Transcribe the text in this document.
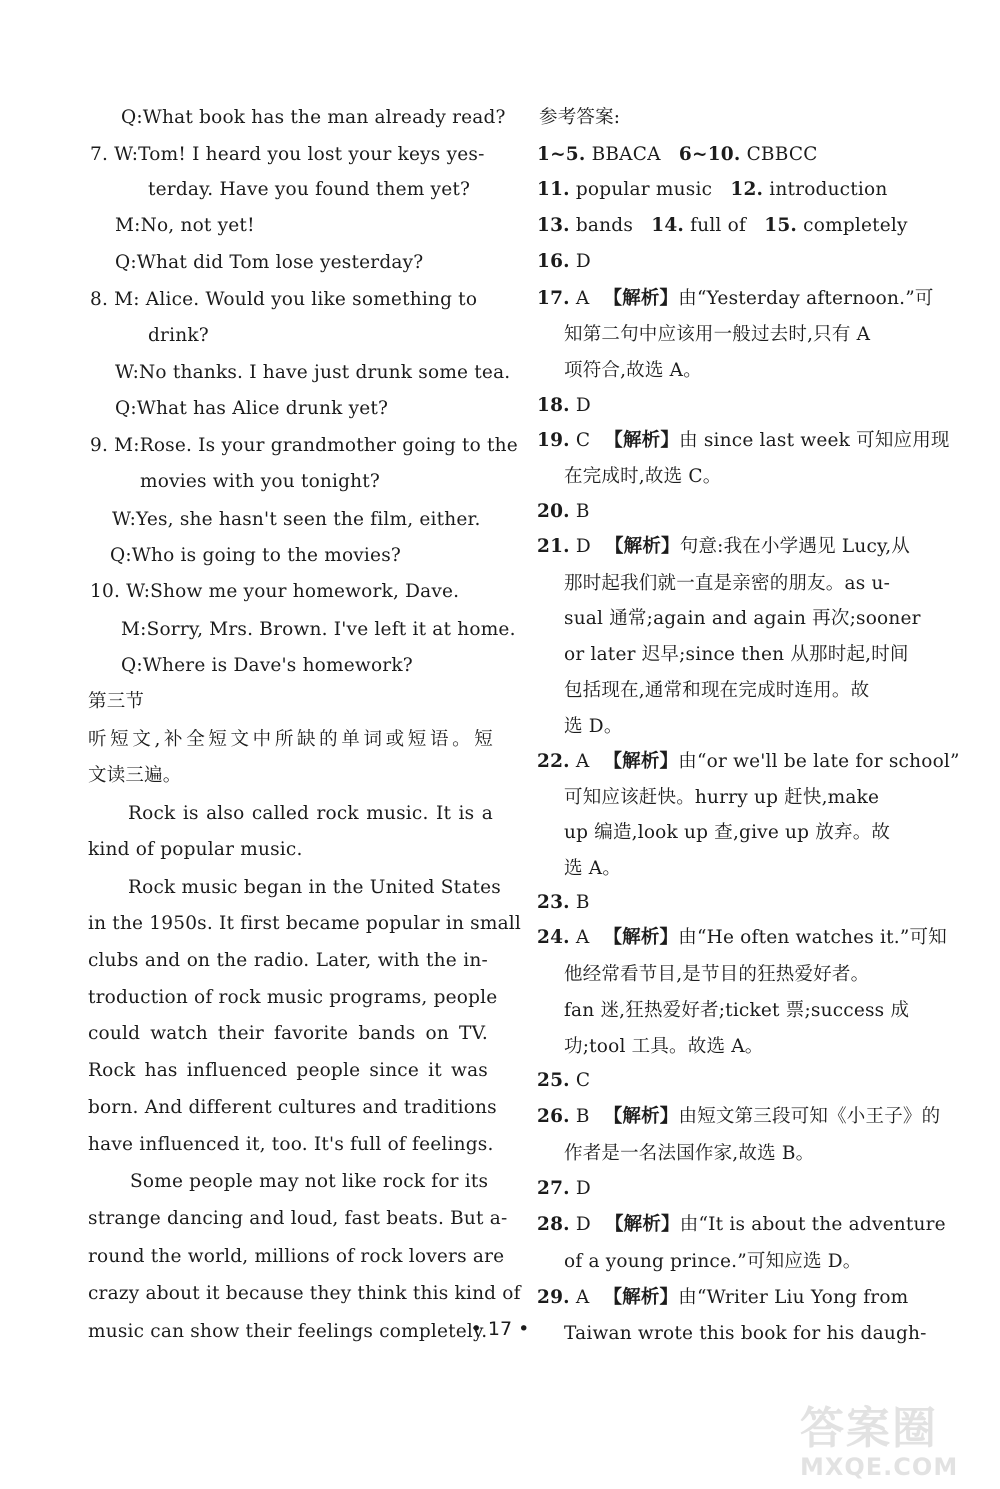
Q:What book has the man already read?
7. W:Tom! I heard you lost your keys yes-
terday. Have you found them yet?
M:No, not yet!
Q:What did Tom lose yesterday?
8. M: Alice. Would you like something to
drink?
W:No thanks. I have just drunk some tea.
Q:What has Alice drunk yet?
9. M:Rose. Is your grandmother going to the
movies with you tonight?
W:Yes, she hasn't seen the film, either.
Q:Who is going to the movies?
10. W:Show me your homework, Dave.
M:Sorry, Mrs. Brown. I've left it at home.
Q:Where is Dave's homework?
第三节
听短文,补全短文中所缺的单词或短语。短
文读三遍。
Rock is also called rock music. It is a
kind of popular music.
Rock music began in the United States
in the 1950s. It first became popular in small
clubs and on the radio. Later, with the in-
troduction of rock music programs, people
could watch their favorite bands on TV.
Rock has influenced people since it was
born. And different cultures and traditions
have influenced it, too. It's full of feelings.
Some people may not like rock for its
strange dancing and loud, fast beats. But a-
round the world, millions of rock lovers are
crazy about it because they think this kind of
music can show their feelings completely.
参考答案:
1~5. BBACA 6~10. CBBCC
11. popular music 12. introduction
13. bands 14. full of 15. completely
16. D
17. A 【解析】由“Yesterday afternoon.”可
知第二句中应该用一般过去时,只有 A
项符合,故选 A。
18. D
19. C 【解析】由 since last week 可知应用现
在完成时,故选 C。
20. B
21. D 【解析】句意:我在小学遇见 Lucy,从
那时起我们就一直是亲密的朋友。as u-
sual 通常;again and again 再次;sooner
or later 迟早;since then 从那时起,时间
包括现在,通常和现在完成时连用。故
选 D。
22. A 【解析】由“or we'll be late for school”
可知应该赶快。hurry up 赶快,make
up 编造,look up 查,give up 放弃。故
选 A。
23. B
24. A 【解析】由“He often watches it.”可知
他经常看节目,是节目的狂热爱好者。
fan 迷,狂热爱好者;ticket 票;success 成
功;tool 工具。故选 A。
25. C
26. B 【解析】由短文第三段可知《小王子》的
作者是一名法国作家,故选 B。
27. D
28. D 【解析】由“It is about the adventure
of a young prince.”可知应选 D。
29. A 【解析】由“Writer Liu Yong from
Taiwan wrote this book for his daugh-
• 17 •
答案圈
MXQE.COM
